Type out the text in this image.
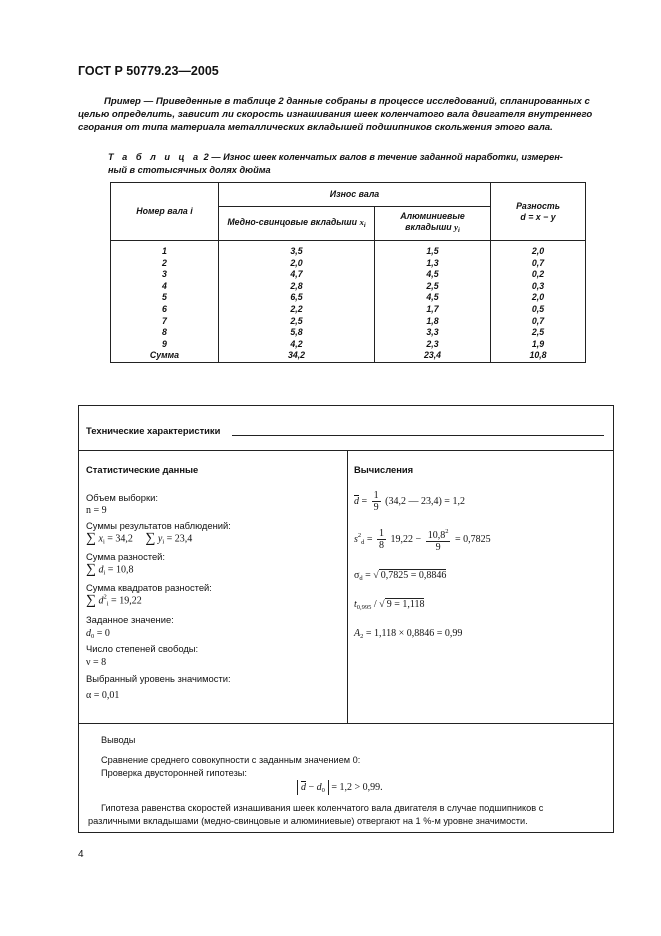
ГОСТ Р 50779.23—2005
Пример — Приведенные в таблице 2 данные собраны в процессе исследований, спланированных с
целью определить, зависит ли скорость изнашивания шеек коленчатого вала двигателя внутреннего
сгорания от типа материала металлических вкладышей подшипников скольжения этого вала.
Т а б л и ц а 2 — Износ шеек коленчатых валов в течение заданной наработки, измерен-
ный в стотысячных долях дюйма
Номер вала i	Износ вала		Разность
d = x − y
	Медно-свинцовые вкладыши $x_i$	Алюминиевые вкладыши $y_i$
1	3,5	1,5	2,0
2	2,0	1,3	0,7
3	4,7	4,5	0,2
4	2,8	2,5	0,3
5	6,5	4,5	2,0
6	2,2	1,7	0,5
7	2,5	1,8	0,7
8	5,8	3,3	2,5
9	4,2	2,3	1,9
Сумма	34,2	23,4	10,8
Технические характеристики
Статистические данные
Объем выборки:
n = 9
Суммы результатов наблюдений:
∑ $x_i = 34,2$ ∑ $y_i = 23,4$
Сумма разностей:
∑ $d_i = 10,8$
Сумма квадратов разностей:
∑ $d^2_i = 19,22$
Заданное значение:
$d_0 = 0$
Число степеней свободы:
ν = 8
Выбранный уровень значимости:
α = 0,01
Вычисления
$\overline{d} = \frac{1}{9} (34,2$ — 23,4) = 1,2
$s^2_d = \frac{1}{8} 19,22 - \frac{10,8^2}{9} = 0,7825$
$\sigma_d$ = √ 0,7825 = 0,8846
$t_{0,995}$ / √ 9 = 1,118
$A_2 = 1,118 \times 0,8846 = 0,99$
Выводы
Сравнение среднего совокупности с заданным значением 0:
Проверка двусторонней гипотезы:
$\overline{d} - d_0 = 1,2 > 0,99$.
Гипотеза равенства скоростей изнашивания шеек коленчатого вала двигателя в случае подшипников с
различными вкладышами (медно-свинцовые и алюминиевые) отвергают на 1 %-м уровне значимости.
4
